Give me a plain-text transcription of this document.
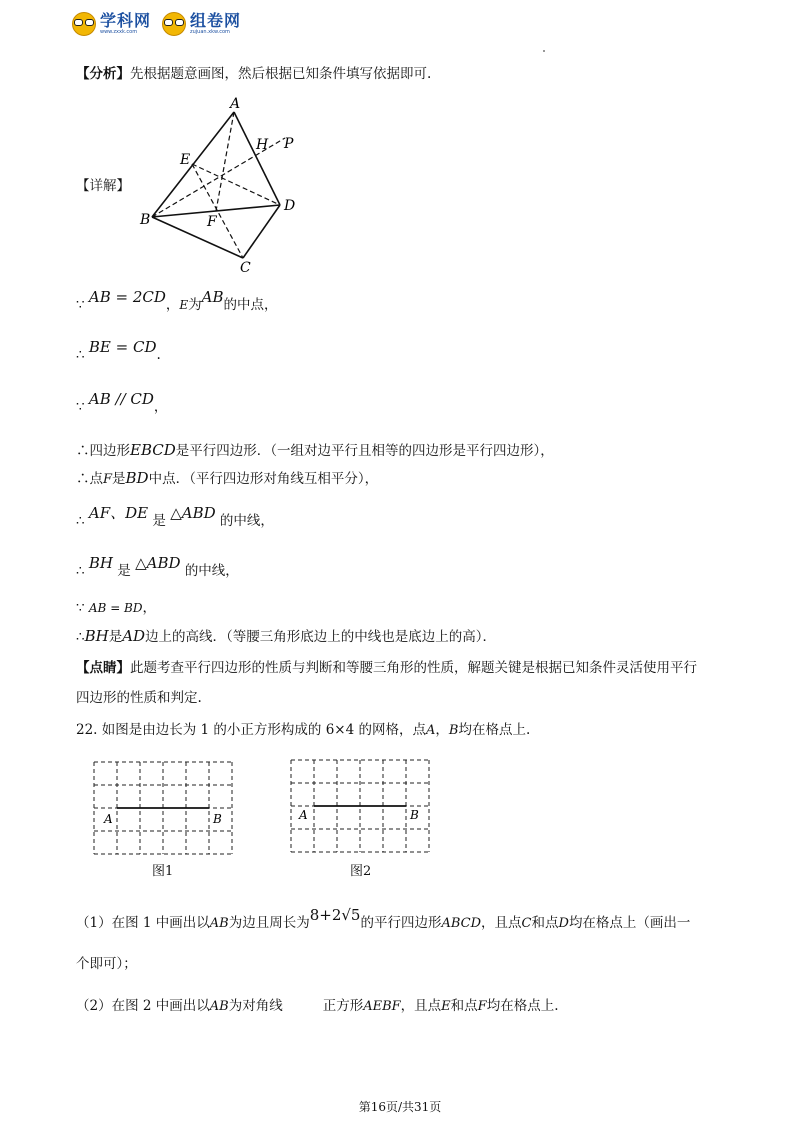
学科网
www.zxxk.com
组卷网
zujuan.xkw.com
【分析】先根据题意画图，然后根据已知条件填写依据即可.
【详解】
A
B
C
D
E
F
H P
∵ AB = 2CD，E为AB的中点，
∴ BE = CD.
∵ AB // CD，
∴四边形EBCD是平行四边形．（一组对边平行且相等的四边形是平行四边形），
∴点F是BD中点．（平行四边形对角线互相平分），
∴ AF、DE 是 △ABD 的中线，
∴ BH 是 △ABD 的中线，
∵ AB = BD，
∴BH是AD边上的高线．（等腰三角形底边上的中线也是底边上的高）．
【点睛】此题考查平行四边形的性质与判断和等腰三角形的性质，解题关键是根据已知条件灵活使用平行
四边形的性质和判定.
22. 如图是由边长为 1 的小正方形构成的 6×4 的网格，点A，B均在格点上.
A	B
图1
A	B
图2
（1）在图 1 中画出以AB为边且周长为8+2√5的平行四边形ABCD，且点C和点D均在格点上（画出一
个即可）；
（2）在图 2 中画出以AB为对角线	正方形AEBF，且点E和点F均在格点上.
第16页/共31页
